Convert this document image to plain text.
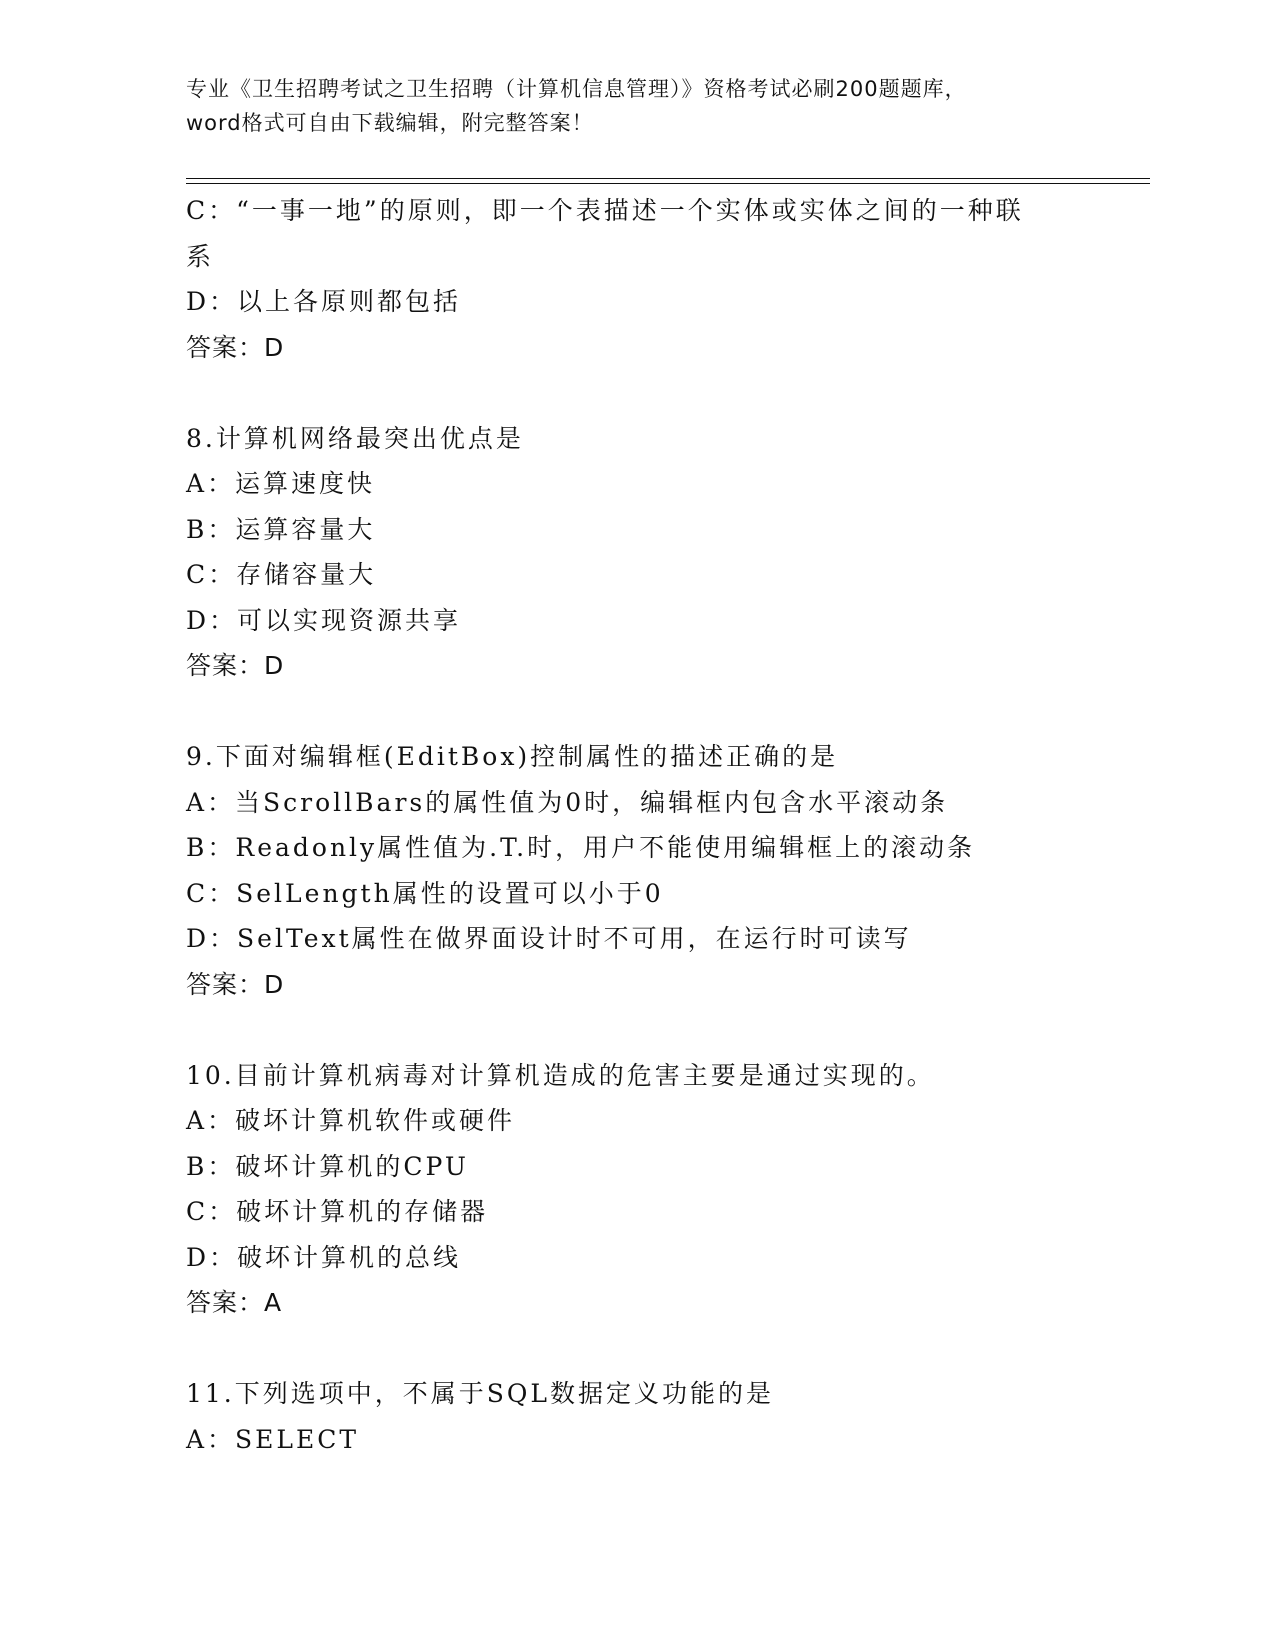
专业《卫生招聘考试之卫生招聘（计算机信息管理）》资格考试必刷200题题库，
word格式可自由下载编辑，附完整答案！
C：“一事一地”的原则，即一个表描述一个实体或实体之间的一种联
系
D：以上各原则都包括
答案：D
8.计算机网络最突出优点是
A：运算速度快
B：运算容量大
C：存储容量大
D：可以实现资源共享
答案：D
9.下面对编辑框(EditBox)控制属性的描述正确的是
A：当ScrollBars的属性值为0时，编辑框内包含水平滚动条
B：Readonly属性值为.T.时，用户不能使用编辑框上的滚动条
C：SelLength属性的设置可以小于0
D：SelText属性在做界面设计时不可用，在运行时可读写
答案：D
10.目前计算机病毒对计算机造成的危害主要是通过实现的。
A：破坏计算机软件或硬件
B：破坏计算机的CPU
C：破坏计算机的存储器
D：破坏计算机的总线
答案：A
11.下列选项中，不属于SQL数据定义功能的是
A：SELECT
